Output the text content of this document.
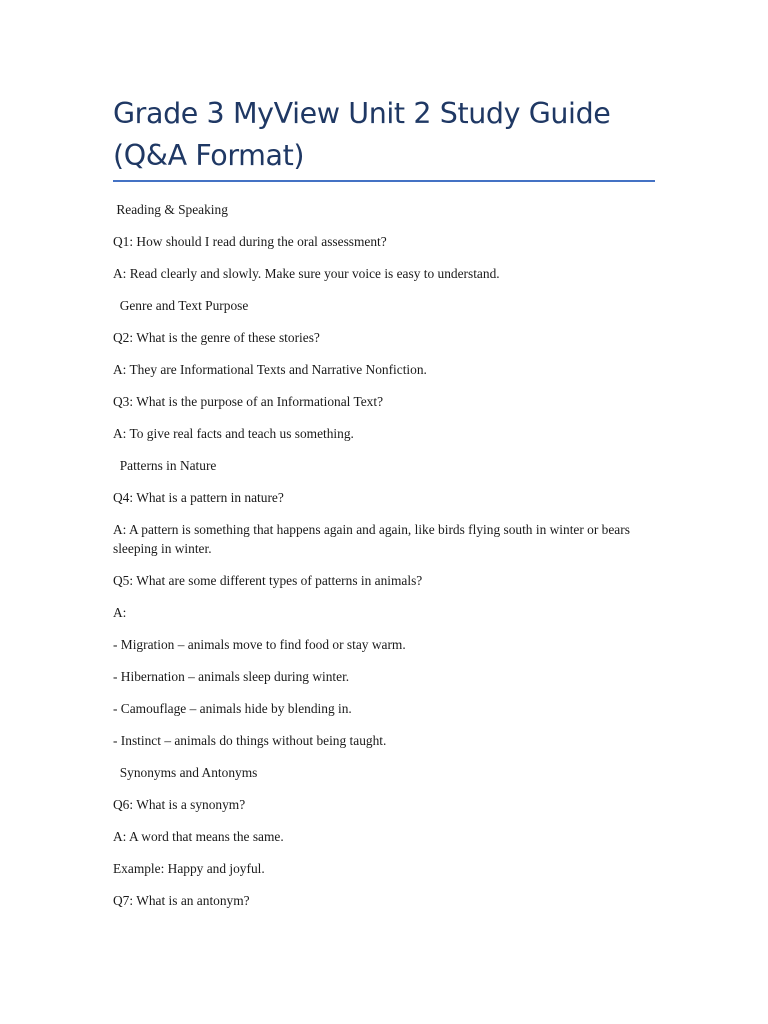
Grade 3 MyView Unit 2 Study Guide (Q&A Format)

Reading & Speaking

Q1: How should I read during the oral assessment?

A: Read clearly and slowly. Make sure your voice is easy to understand.

Genre and Text Purpose

Q2: What is the genre of these stories?

A: They are Informational Texts and Narrative Nonfiction.

Q3: What is the purpose of an Informational Text?

A: To give real facts and teach us something.

Patterns in Nature

Q4: What is a pattern in nature?

A: A pattern is something that happens again and again, like birds flying south in winter or bears sleeping in winter.

Q5: What are some different types of patterns in animals?

A:

- Migration – animals move to find food or stay warm.

- Hibernation – animals sleep during winter.

- Camouflage – animals hide by blending in.

- Instinct – animals do things without being taught.

Synonyms and Antonyms

Q6: What is a synonym?

A: A word that means the same.

Example: Happy and joyful.

Q7: What is an antonym?
